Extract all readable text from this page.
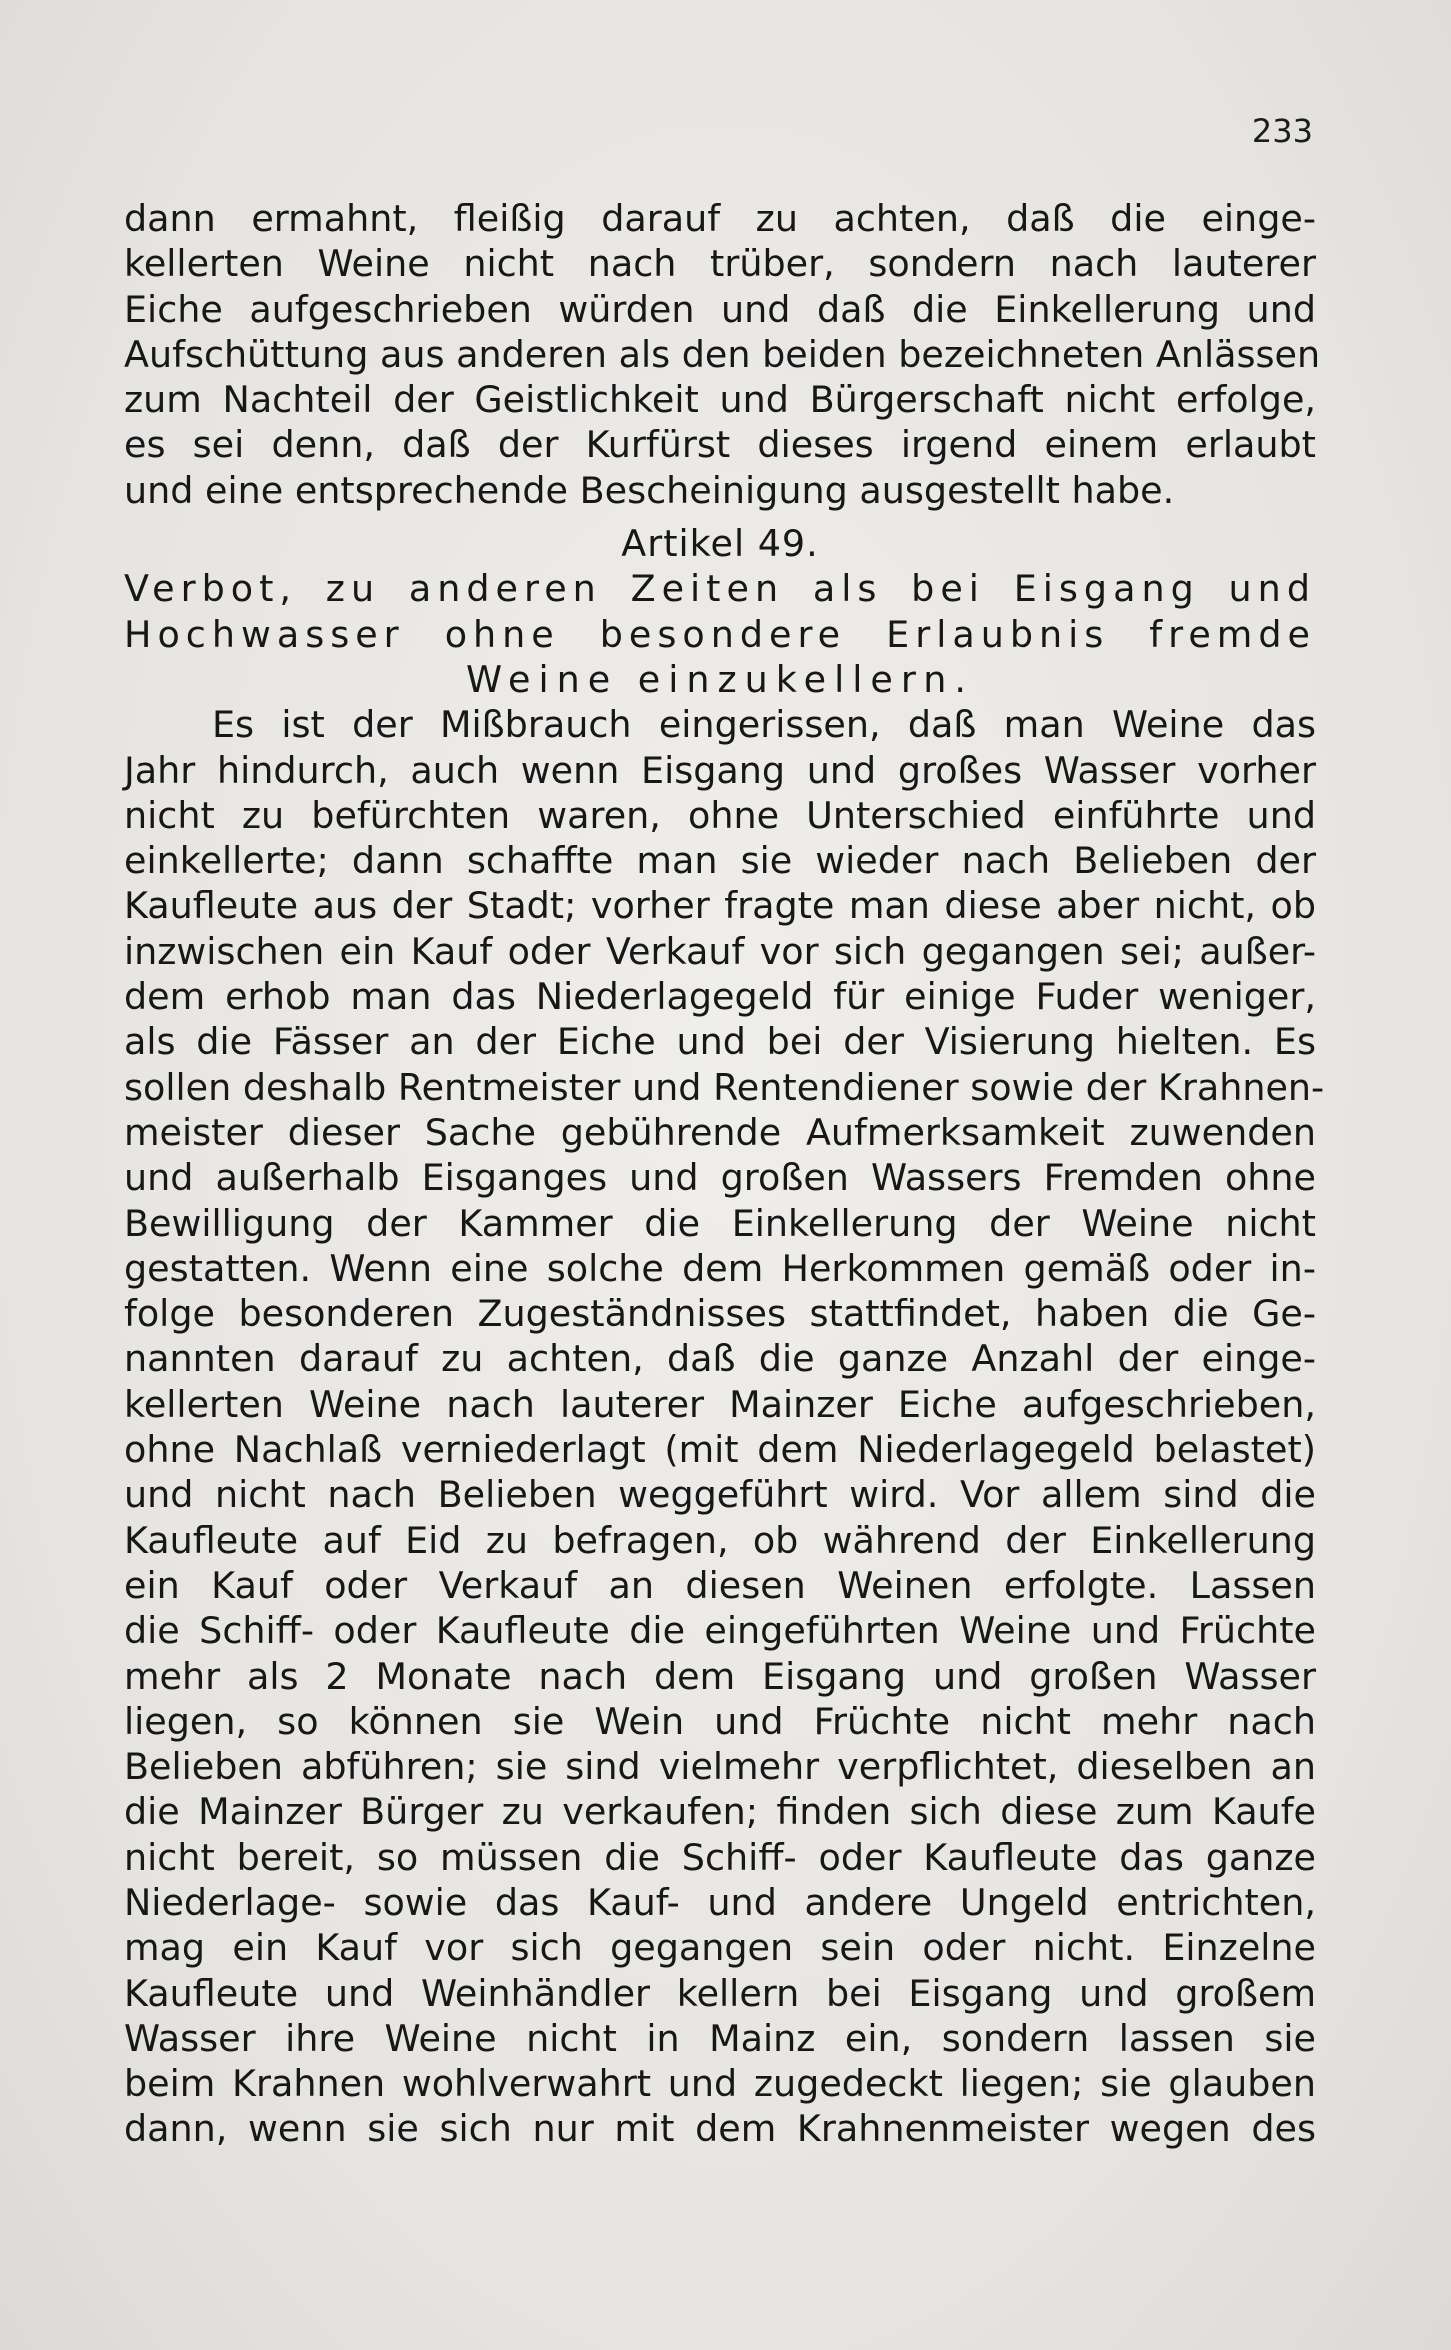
233
dann ermahnt, fleißig darauf zu achten, daß die einge-
kellerten Weine nicht nach trüber, sondern nach lauterer
Eiche aufgeschrieben würden und daß die Einkellerung und
Aufschüttung aus anderen als den beiden bezeichneten Anlässen
zum Nachteil der Geistlichkeit und Bürgerschaft nicht erfolge,
es sei denn, daß der Kurfürst dieses irgend einem erlaubt
und eine entsprechende Bescheinigung ausgestellt habe.
Artikel 49.
Verbot, zu anderen Zeiten als bei Eisgang und
Hochwasser ohne besondere Erlaubnis fremde
Weine einzukellern.
Es ist der Mißbrauch eingerissen, daß man Weine das
Jahr hindurch, auch wenn Eisgang und großes Wasser vorher
nicht zu befürchten waren, ohne Unterschied einführte und
einkellerte; dann schaffte man sie wieder nach Belieben der
Kaufleute aus der Stadt; vorher fragte man diese aber nicht, ob
inzwischen ein Kauf oder Verkauf vor sich gegangen sei; außer-
dem erhob man das Niederlagegeld für einige Fuder weniger,
als die Fässer an der Eiche und bei der Visierung hielten. Es
sollen deshalb Rentmeister und Rentendiener sowie der Krahnen-
meister dieser Sache gebührende Aufmerksamkeit zuwenden
und außerhalb Eisganges und großen Wassers Fremden ohne
Bewilligung der Kammer die Einkellerung der Weine nicht
gestatten. Wenn eine solche dem Herkommen gemäß oder in-
folge besonderen Zugeständnisses stattfindet, haben die Ge-
nannten darauf zu achten, daß die ganze Anzahl der einge-
kellerten Weine nach lauterer Mainzer Eiche aufgeschrieben,
ohne Nachlaß verniederlagt (mit dem Niederlagegeld belastet)
und nicht nach Belieben weggeführt wird. Vor allem sind die
Kaufleute auf Eid zu befragen, ob während der Einkellerung
ein Kauf oder Verkauf an diesen Weinen erfolgte. Lassen
die Schiff- oder Kaufleute die eingeführten Weine und Früchte
mehr als 2 Monate nach dem Eisgang und großen Wasser
liegen, so können sie Wein und Früchte nicht mehr nach
Belieben abführen; sie sind vielmehr verpflichtet, dieselben an
die Mainzer Bürger zu verkaufen; finden sich diese zum Kaufe
nicht bereit, so müssen die Schiff- oder Kaufleute das ganze
Niederlage- sowie das Kauf- und andere Ungeld entrichten,
mag ein Kauf vor sich gegangen sein oder nicht. Einzelne
Kaufleute und Weinhändler kellern bei Eisgang und großem
Wasser ihre Weine nicht in Mainz ein, sondern lassen sie
beim Krahnen wohlverwahrt und zugedeckt liegen; sie glauben
dann, wenn sie sich nur mit dem Krahnenmeister wegen des
